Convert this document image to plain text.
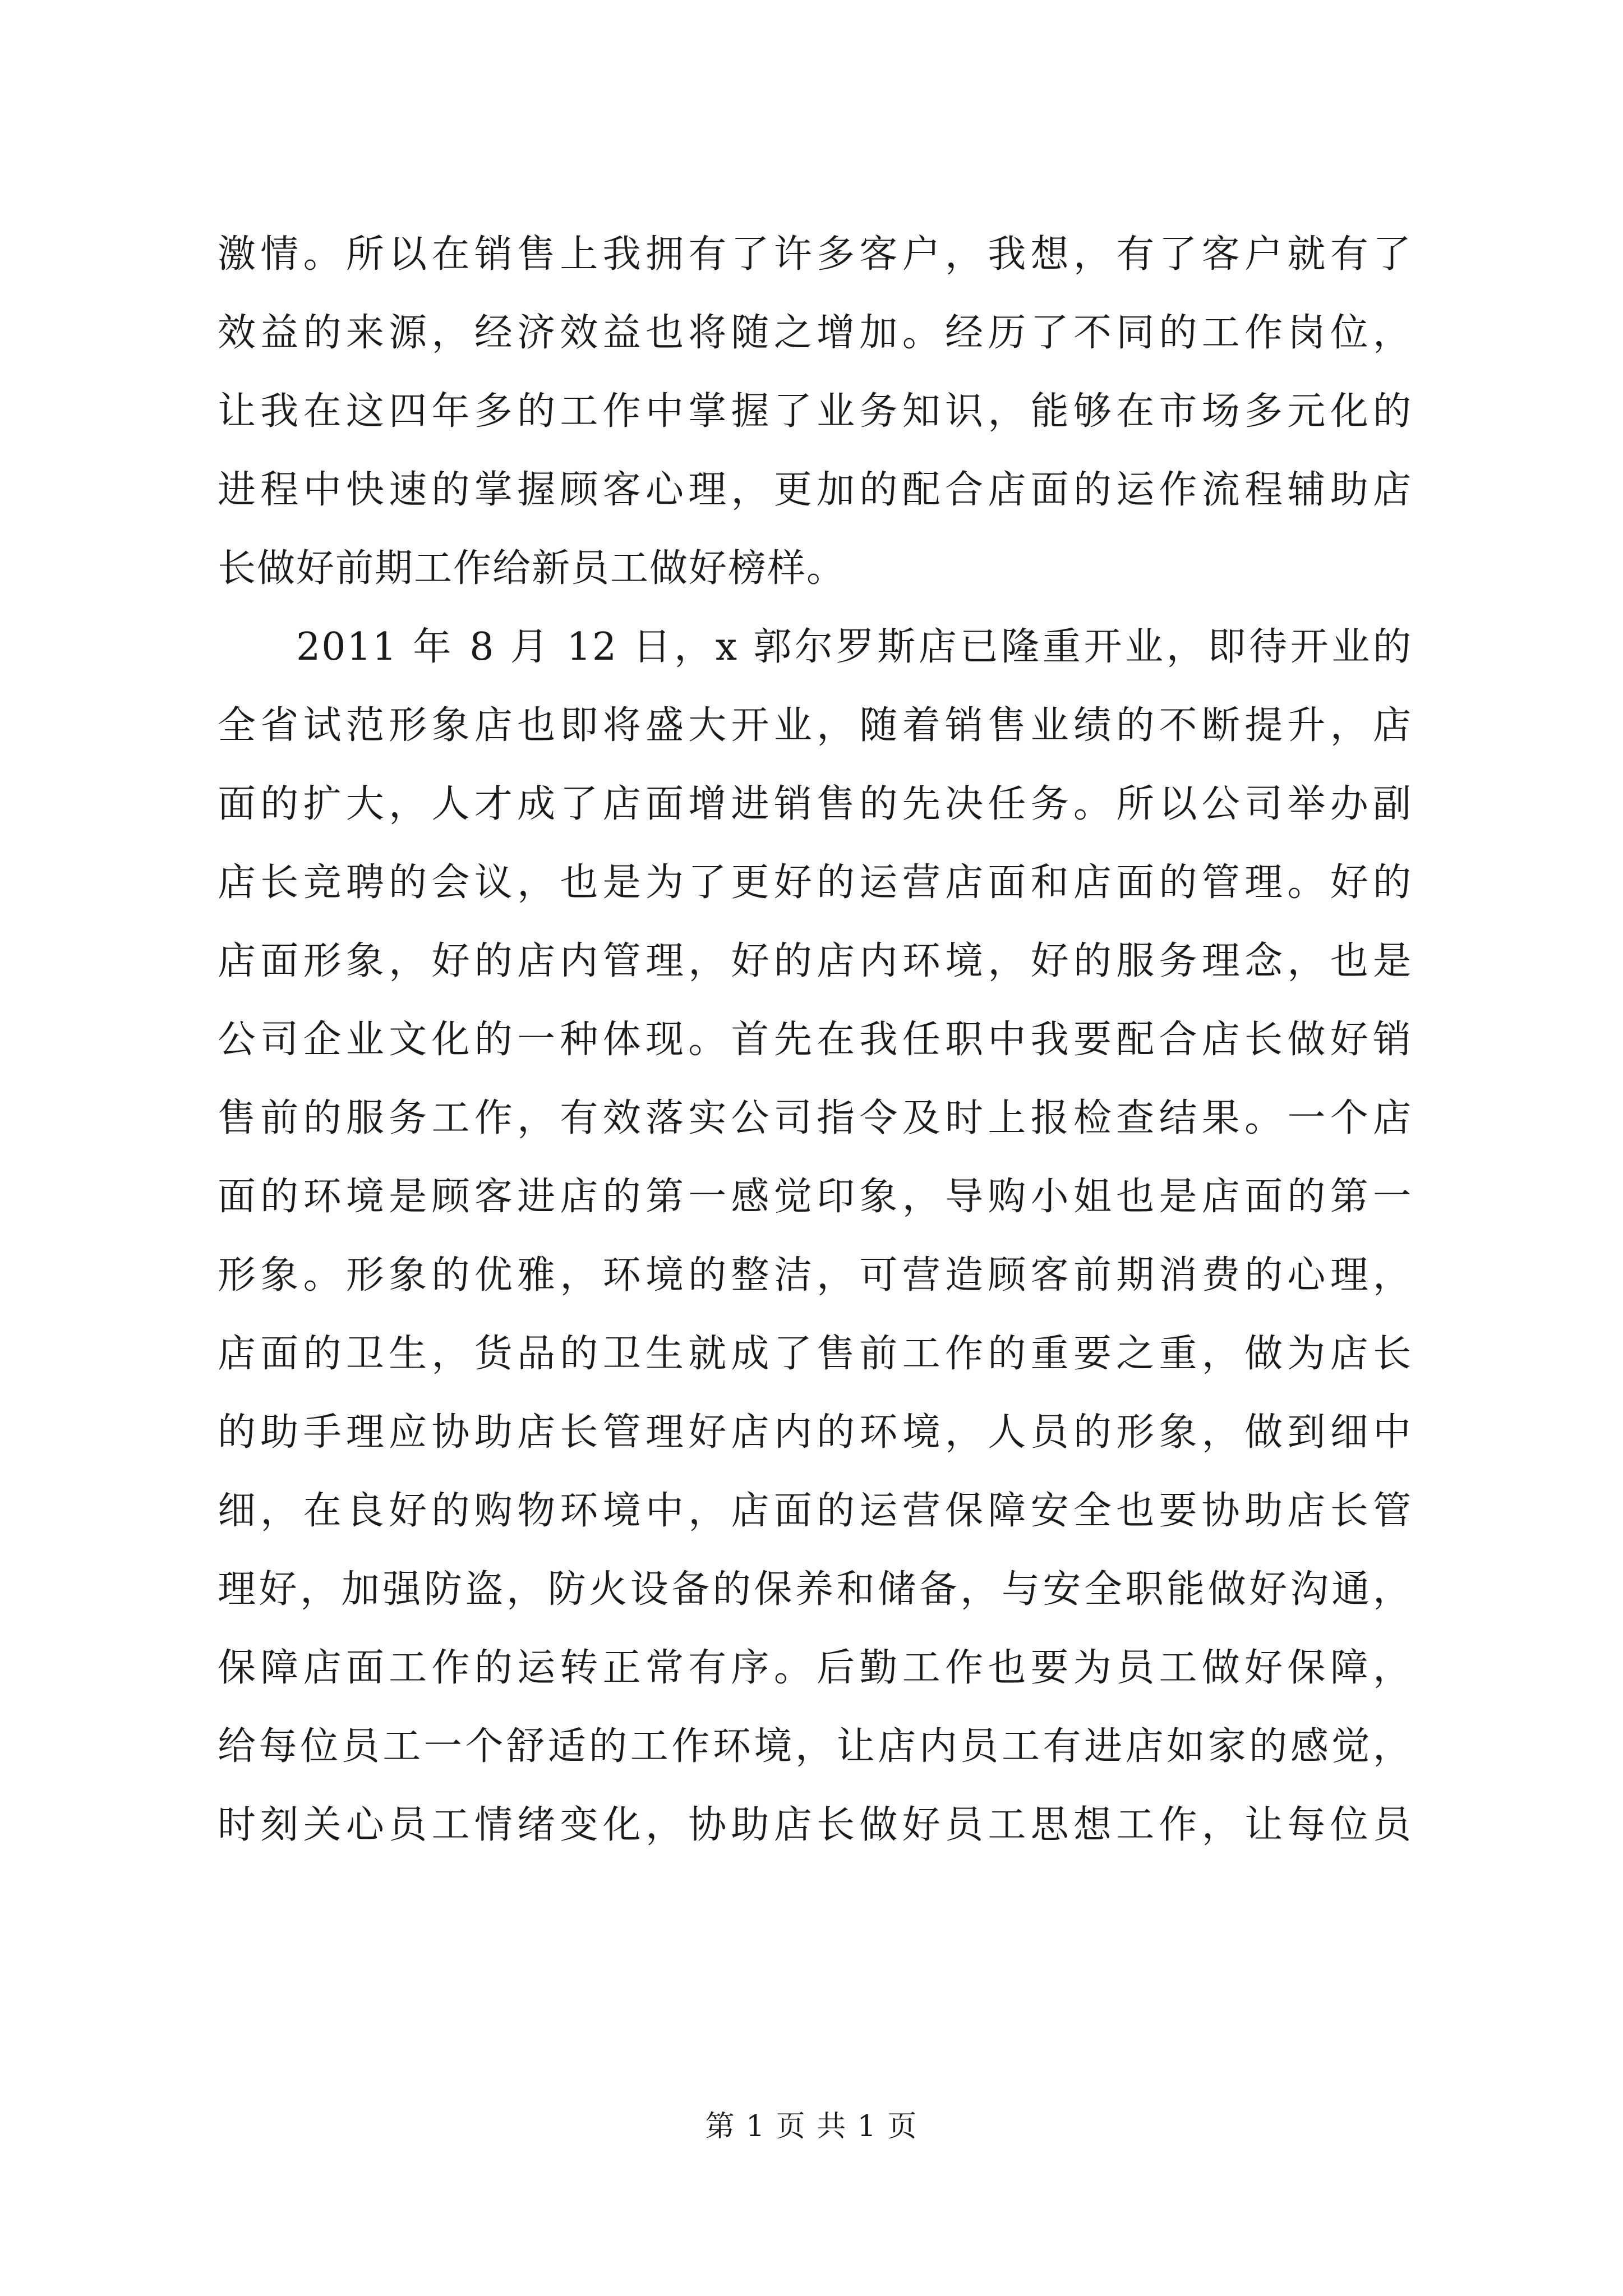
激情。所以在销售上我拥有了许多客户，我想，有了客户就有了
效益的来源，经济效益也将随之增加。经历了不同的工作岗位，
让我在这四年多的工作中掌握了业务知识，能够在市场多元化的
进程中快速的掌握顾客心理，更加的配合店面的运作流程辅助店
长做好前期工作给新员工做好榜样。
2011 年 8 月 12 日，x 郭尔罗斯店已隆重开业，即待开业的
全省试范形象店也即将盛大开业，随着销售业绩的不断提升，店
面的扩大，人才成了店面增进销售的先决任务。所以公司举办副
店长竞聘的会议，也是为了更好的运营店面和店面的管理。好的
店面形象，好的店内管理，好的店内环境，好的服务理念，也是
公司企业文化的一种体现。首先在我任职中我要配合店长做好销
售前的服务工作，有效落实公司指令及时上报检查结果。一个店
面的环境是顾客进店的第一感觉印象，导购小姐也是店面的第一
形象。形象的优雅，环境的整洁，可营造顾客前期消费的心理，
店面的卫生，货品的卫生就成了售前工作的重要之重，做为店长
的助手理应协助店长管理好店内的环境，人员的形象，做到细中
细，在良好的购物环境中，店面的运营保障安全也要协助店长管
理好，加强防盗，防火设备的保养和储备，与安全职能做好沟通，
保障店面工作的运转正常有序。后勤工作也要为员工做好保障，
给每位员工一个舒适的工作环境，让店内员工有进店如家的感觉，
时刻关心员工情绪变化，协助店长做好员工思想工作，让每位员
第 1 页 共 1 页
